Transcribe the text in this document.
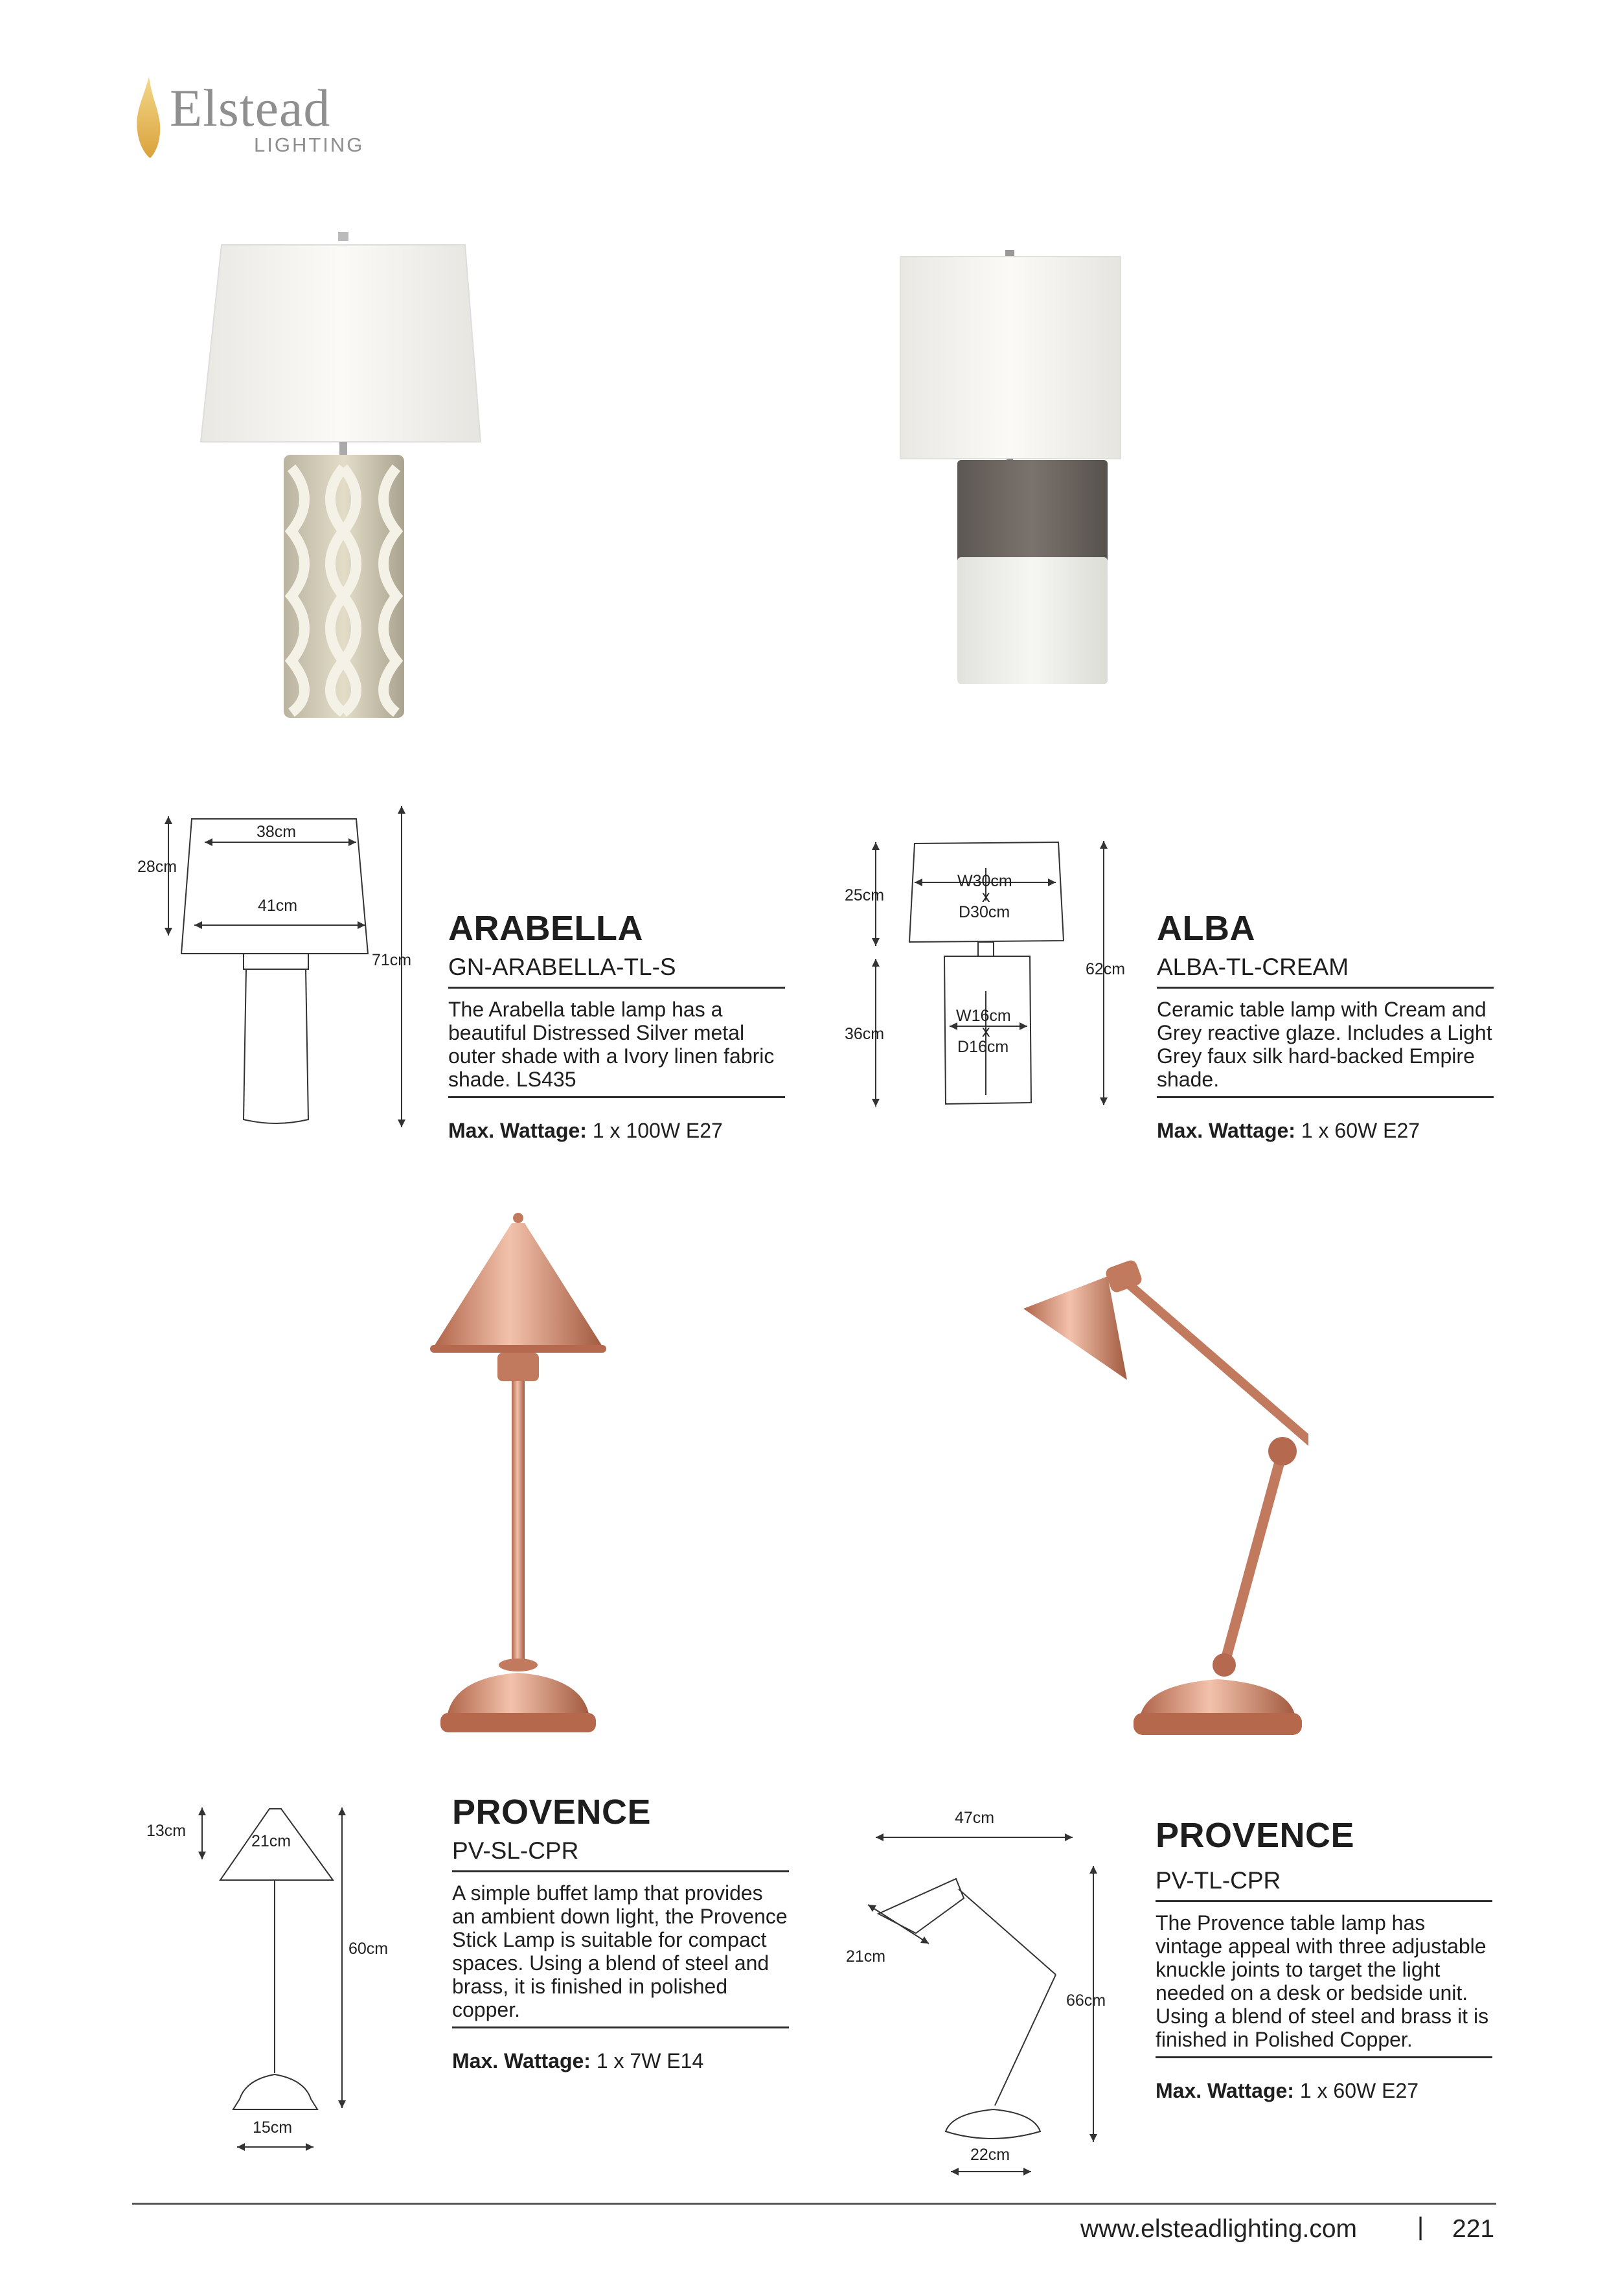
Elstead
LIGHTING
38cm
28cm
41cm
71cm
25cm
36cm
62cm
W30cm
x
D30cm
W16cm
x
D16cm
13cm
21cm
60cm
15cm
47cm
21cm
66cm
22cm
ARABELLA
GN-ARABELLA-TL-S
The Arabella table lamp has a beautiful Distressed Silver metal outer shade with a Ivory linen fabric shade. LS435
Max. Wattage: 1 x 100W E27
ALBA
ALBA-TL-CREAM
Ceramic table lamp with Cream and Grey reactive glaze. Includes a Light Grey faux silk hard-backed Empire shade.
Max. Wattage: 1 x 60W E27
PROVENCE
PV-SL-CPR
A simple buffet lamp that provides an ambient down light, the Provence Stick Lamp is suitable for compact spaces. Using a blend of steel and brass, it is finished in polished copper.
Max. Wattage: 1 x 7W E14
PROVENCE
PV-TL-CPR
The Provence table lamp has vintage appeal with three adjustable knuckle joints to target the light needed on a desk or bedside unit. Using a blend of steel and brass it is finished in Polished Copper.
Max. Wattage: 1 x 60W E27
www.elsteadlighting.com | 221
